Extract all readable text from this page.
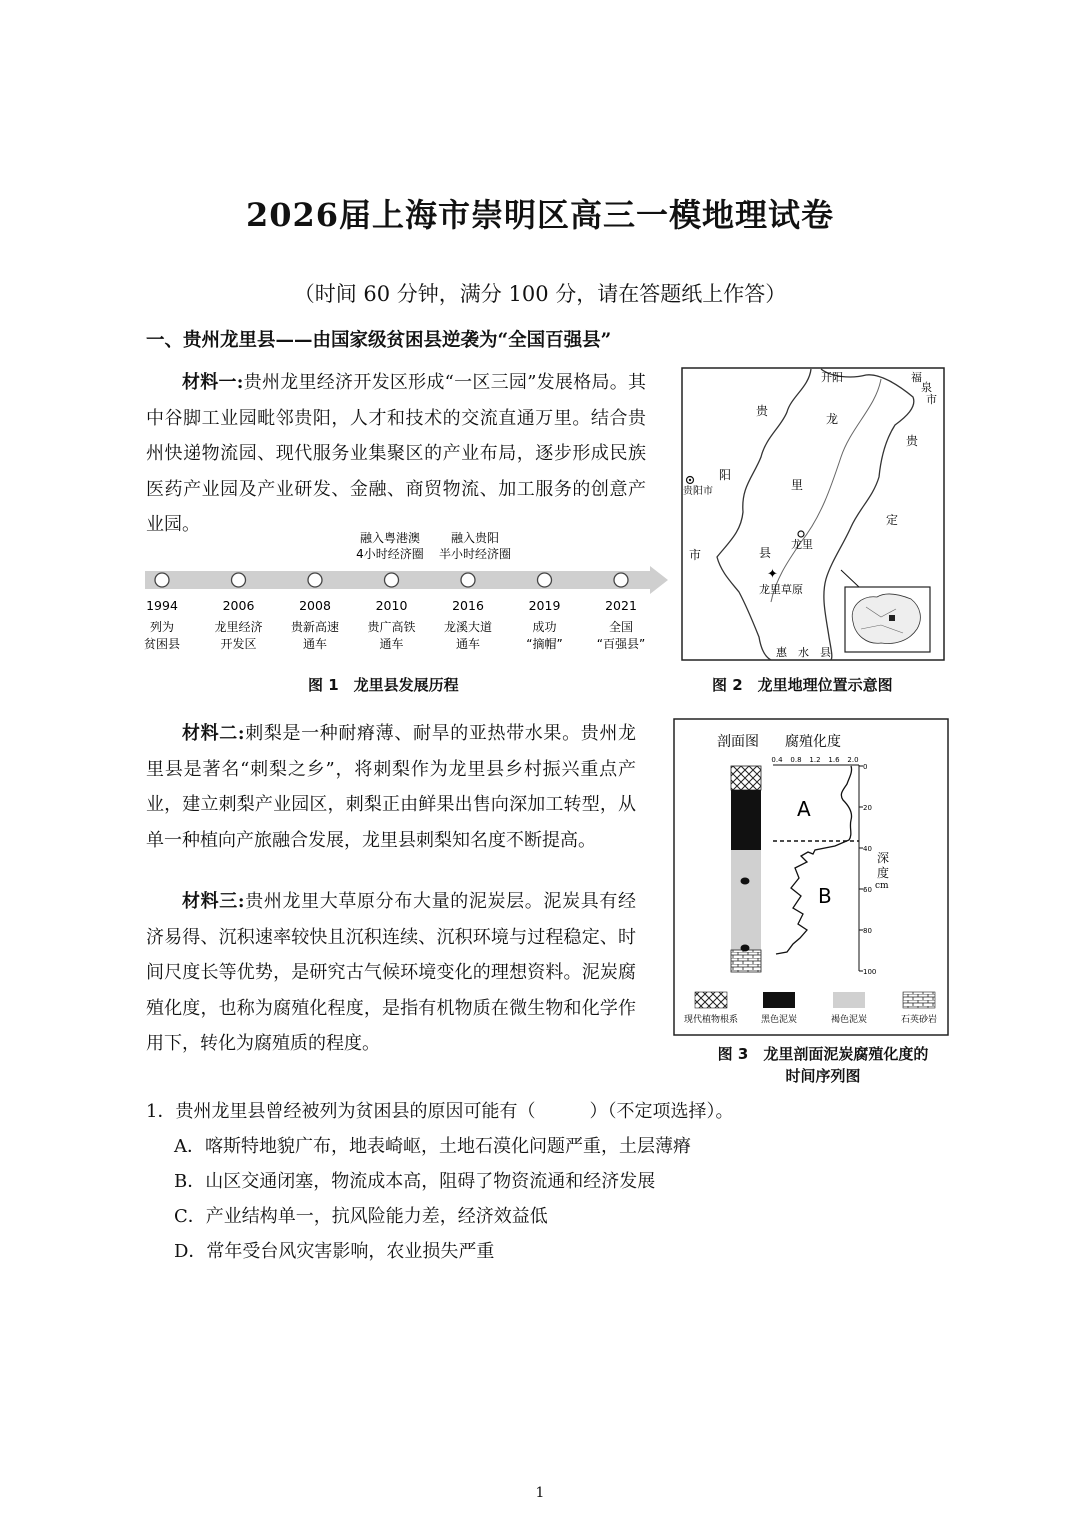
2026届上海市崇明区高三一模地理试卷
（时间 60 分钟，满分 100 分，请在答题纸上作答）
一、贵州龙里县——由国家级贫困县逆袭为“全国百强县”
材料一:贵州龙里经济开发区形成“一区三园”发展格局。其中谷脚工业园毗邻贵阳，人才和技术的交流直通万里。结合贵州快递物流园、现代服务业集聚区的产业布局，逐步形成民族医药产业园及产业研发、金融、商贸物流、加工服务的创意产业园。
融入粤港澳
4小时经济圈
融入贵阳
半小时经济圈
1994
列为
贫困县
2006
龙里经济
开发区
2008
贵新高速
通车
2010
贵广高铁
通车
2016
龙溪大道
通车
2019
成功
“摘帽”
2021
全国
“百强县”
图 1　龙里县发展历程
开阳	福
泉
市
贵
阳
市
龙
里
县
贵
定
贵阳市
龙里
✦
龙里草原
惠　水　县
图 2　龙里地理位置示意图
材料二:刺梨是一种耐瘠薄、耐旱的亚热带水果。贵州龙里县是著名“刺梨之乡”，将刺梨作为龙里县乡村振兴重点产业，建立刺梨产业园区，刺梨正由鲜果出售向深加工转型，从单一种植向产旅融合发展，龙里县刺梨知名度不断提高。
材料三:贵州龙里大草原分布大量的泥炭层。泥炭具有经济易得、沉积速率较快且沉积连续、沉积环境与过程稳定、时间尺度长等优势，是研究古气候环境变化的理想资料。泥炭腐殖化度，也称为腐殖化程度，是指有机物质在微生物和化学作用下，转化为腐殖质的程度。
剖面图 腐殖化度
0.4 0.8 1.2 1.6 2.0
0
20
40
60
80
100
深
度
cm
A
B
现代植物根系	黑色泥炭	褐色泥炭	石英砂岩
图 3　龙里剖面泥炭腐殖化度的
时间序列图
1．贵州龙里县曾经被列为贫困县的原因可能有（　　　）（不定项选择）。
A．喀斯特地貌广布，地表崎岖，土地石漠化问题严重，土层薄瘠
B．山区交通闭塞，物流成本高，阻碍了物资流通和经济发展
C．产业结构单一，抗风险能力差，经济效益低
D．常年受台风灾害影响，农业损失严重
1
